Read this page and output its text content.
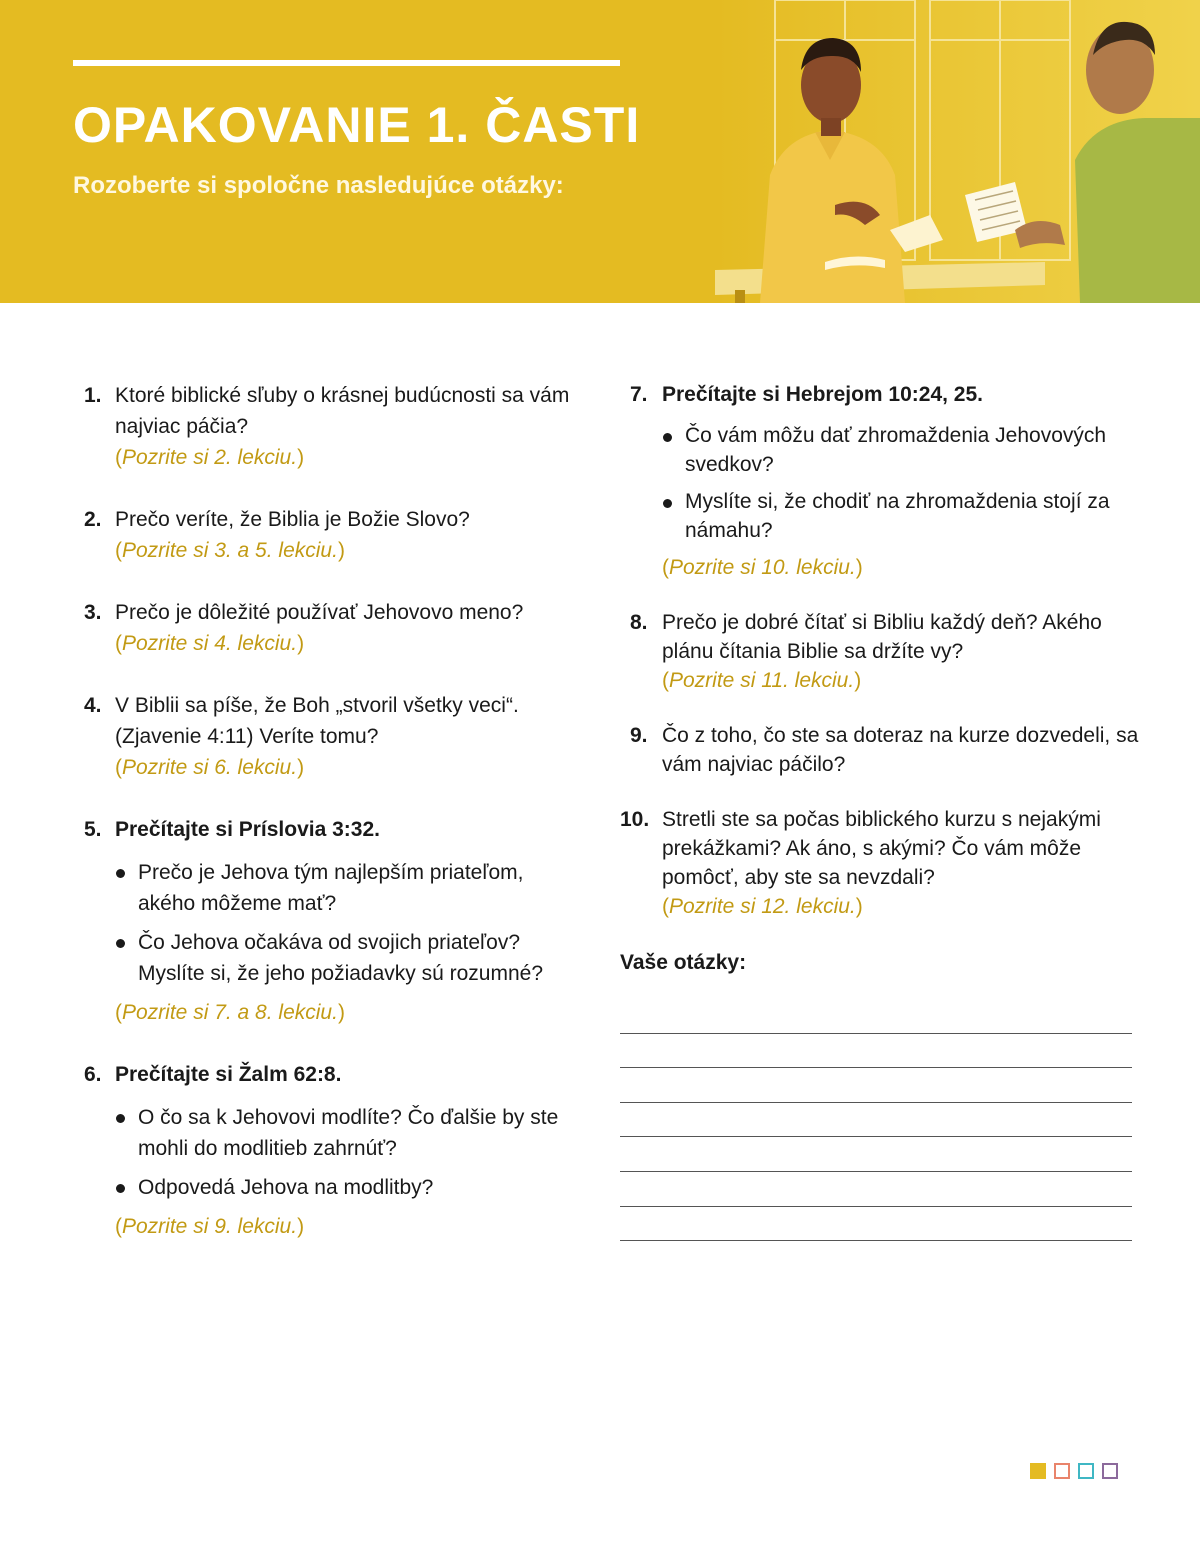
OPAKOVANIE 1. ČASTI

Rozoberte si spoločne nasledujúce otázky:

1. Ktoré biblické sľuby o krásnej budúcnosti sa vám najviac páčia?
(Pozrite si 2. lekciu.)
2. Prečo veríte, že Biblia je Božie Slovo?
(Pozrite si 3. a 5. lekciu.)
3. Prečo je dôležité používať Jehovovo meno?
(Pozrite si 4. lekciu.)
4. V Biblii sa píše, že Boh „stvoril všetky veci“. (Zjavenie 4:11) Veríte tomu?
(Pozrite si 6. lekciu.)
5. Prečítajte si Príslovia 3:32.
Prečo je Jehova tým najlepším priateľom, akého môžeme mať?
Čo Jehova očakáva od svojich priateľov? Myslíte si, že jeho požiadavky sú rozumné?
(Pozrite si 7. a 8. lekciu.)
6. Prečítajte si Žalm 62:8.
O čo sa k Jehovovi modlíte? Čo ďalšie by ste mohli do modlitieb zahrnúť?
Odpovedá Jehova na modlitby?
(Pozrite si 9. lekciu.)
7. Prečítajte si Hebrejom 10:24, 25.
Čo vám môžu dať zhromaždenia Jehovových svedkov?
Myslíte si, že chodiť na zhromaždenia stojí za námahu?
(Pozrite si 10. lekciu.)
8. Prečo je dobré čítať si Bibliu každý deň? Akého plánu čítania Biblie sa držíte vy?
(Pozrite si 11. lekciu.)
9. Čo z toho, čo ste sa doteraz na kurze dozvedeli, sa vám najviac páčilo?
10. Stretli ste sa počas biblického kurzu s nejakými prekážkami? Ak áno, s akými? Čo vám môže pomôcť, aby ste sa nevzdali?
(Pozrite si 12. lekciu.)

Vaše otázky:
